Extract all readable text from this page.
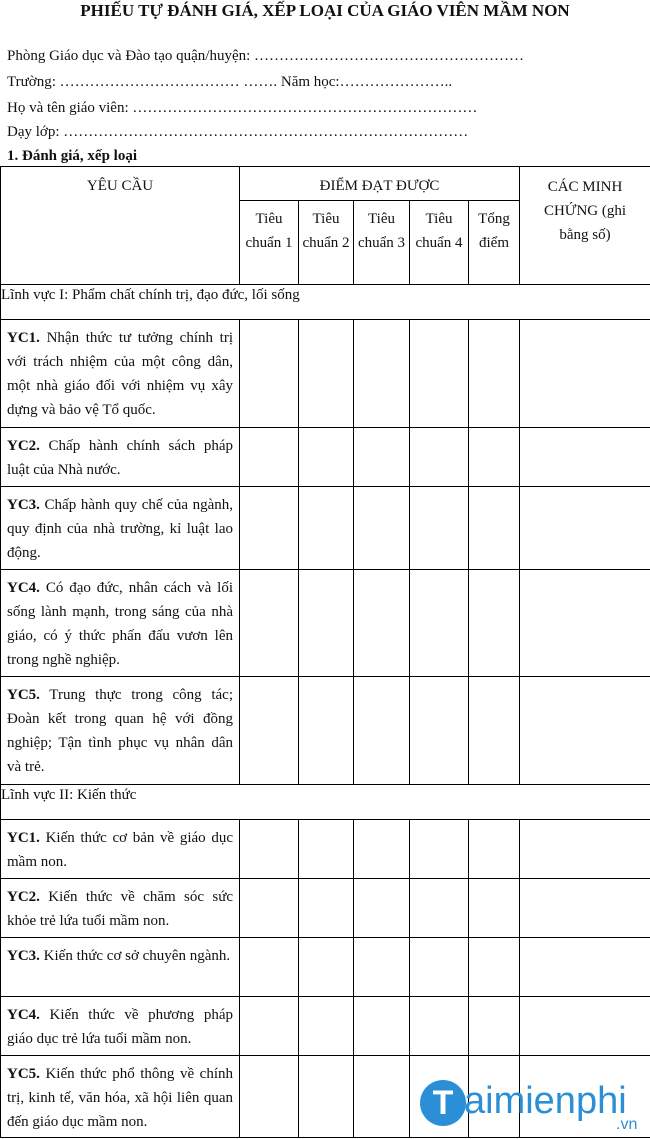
PHIẾU TỰ ĐÁNH GIÁ, XẾP LOẠI CỦA GIÁO VIÊN MẦM NON
Phòng Giáo dục và Đào tạo quận/huyện: ………………………………………………
Trường: ……………………………… ……. Năm học:…………………..
Họ và tên giáo viên: ……………………………………………………………
Dạy lớp: ………………………………………………………………………
1. Đánh giá, xếp loại
YÊU CẦU	ĐIỂM ĐẠT ĐƯỢC					CÁC MINH CHỨNG (ghi bằng số)
	Tiêu chuẩn 1	Tiêu chuẩn 2	Tiêu chuẩn 3	Tiêu chuẩn 4	Tổng điểm	
Lĩnh vực I: Phẩm chất chính trị, đạo đức, lối sống						
YC1. Nhận thức tư tưởng chính trị với trách nhiệm của một công dân, một nhà giáo đối với nhiệm vụ xây dựng và bảo vệ Tổ quốc.						
YC2. Chấp hành chính sách pháp luật của Nhà nước.						
YC3. Chấp hành quy chế của ngành, quy định của nhà trường, kỉ luật lao động.						
YC4. Có đạo đức, nhân cách và lối sống lành mạnh, trong sáng của nhà giáo, có ý thức phấn đấu vươn lên trong nghề nghiệp.						
YC5. Trung thực trong công tác; Đoàn kết trong quan hệ với đồng nghiệp; Tận tình phục vụ nhân dân và trẻ.						
Lĩnh vực II: Kiến thức						
YC1. Kiến thức cơ bản về giáo dục mầm non.						
YC2. Kiến thức về chăm sóc sức khỏe trẻ lứa tuổi mầm non.						
YC3. Kiến thức cơ sở chuyên ngành.						
YC4. Kiến thức về phương pháp giáo dục trẻ lứa tuổi mầm non.						
YC5. Kiến thức phổ thông về chính trị, kinh tế, văn hóa, xã hội liên quan đến giáo dục mầm non.							T aimienphi
.vn
